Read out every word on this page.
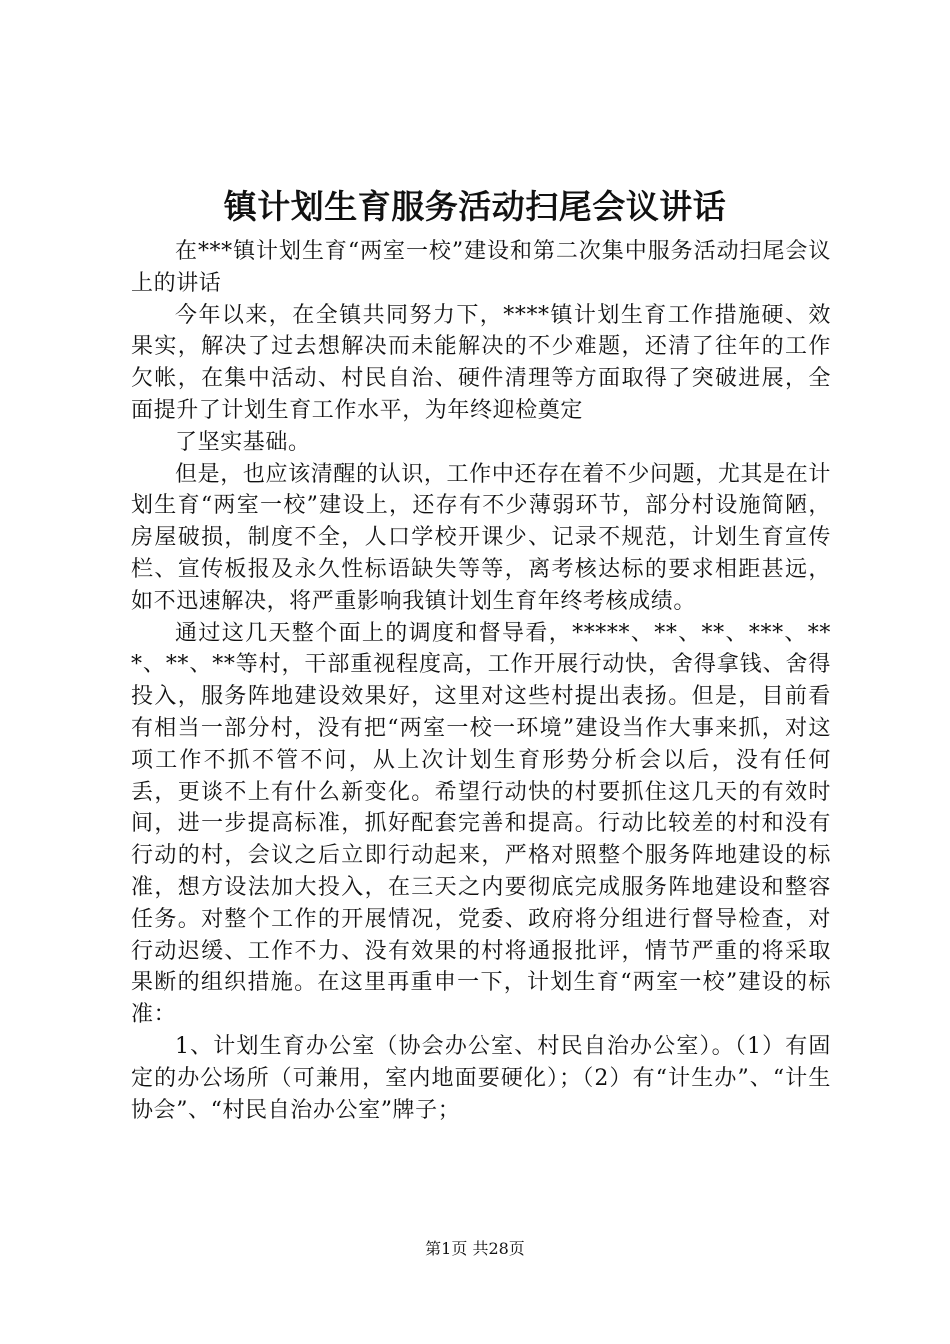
镇计划生育服务活动扫尾会议讲话

在***镇计划生育“两室一校”建设和第二次集中服务活动扫尾会议上的讲话

今年以来，在全镇共同努力下，****镇计划生育工作措施硬、效果实，解决了过去想解决而未能解决的不少难题，还清了往年的工作欠帐，在集中活动、村民自治、硬件清理等方面取得了突破进展，全面提升了计划生育工作水平，为年终迎检奠定

了坚实基础。

但是，也应该清醒的认识，工作中还存在着不少问题，尤其是在计划生育“两室一校”建设上，还存有不少薄弱环节，部分村设施简陋，房屋破损，制度不全，人口学校开课少、记录不规范，计划生育宣传栏、宣传板报及永久性标语缺失等等，离考核达标的要求相距甚远，如不迅速解决，将严重影响我镇计划生育年终考核成绩。

通过这几天整个面上的调度和督导看，*****、**、**、***、***、**、**等村，干部重视程度高，工作开展行动快，舍得拿钱、舍得投入，服务阵地建设效果好，这里对这些村提出表扬。但是，目前看有相当一部分村，没有把“两室一校一环境”建设当作大事来抓，对这项工作不抓不管不问，从上次计划生育形势分析会以后，没有任何丢，更谈不上有什么新变化。希望行动快的村要抓住这几天的有效时间，进一步提高标准，抓好配套完善和提高。行动比较差的村和没有行动的村，会议之后立即行动起来，严格对照整个服务阵地建设的标准，想方设法加大投入，在三天之内要彻底完成服务阵地建设和整容任务。对整个工作的开展情况，党委、政府将分组进行督导检查，对行动迟缓、工作不力、没有效果的村将通报批评，情节严重的将采取果断的组织措施。在这里再重申一下，计划生育“两室一校”建设的标准：

1、计划生育办公室（协会办公室、村民自治办公室）。（1）有固定的办公场所（可兼用，室内地面要硬化）；（2）有“计生办”、“计生协会”、“村民自治办公室”牌子；

第1页 共28页
